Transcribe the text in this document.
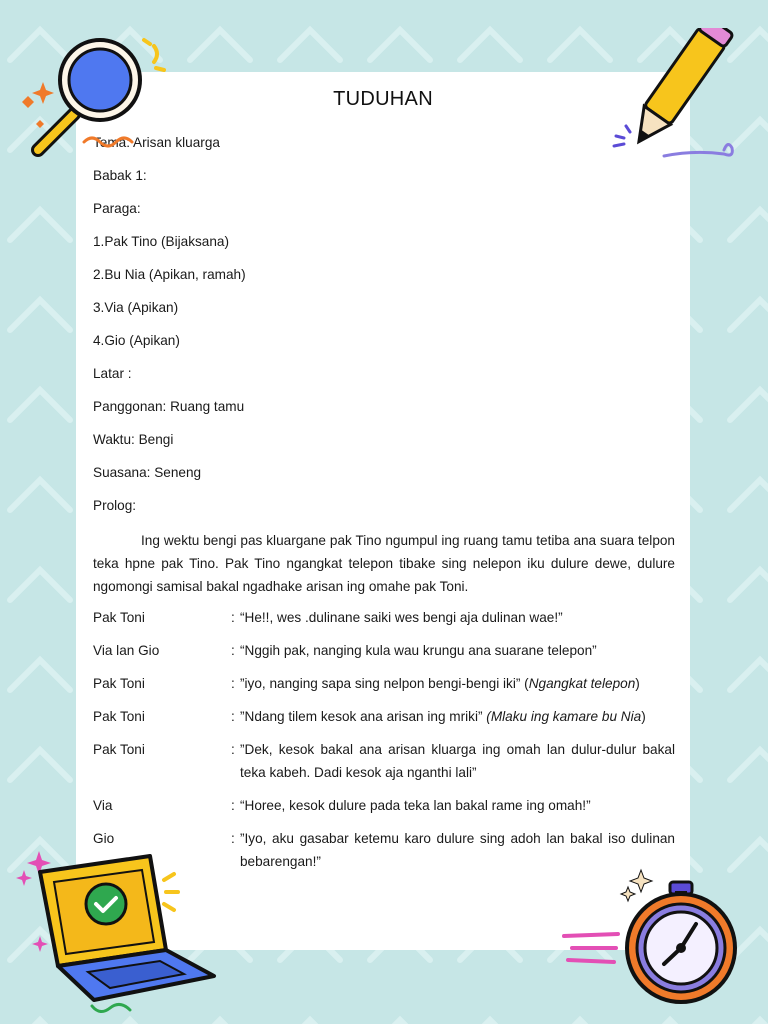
TUDUHAN
Tema: Arisan kluarga
Babak 1:
Paraga:
1.Pak Tino (Bijaksana)
2.Bu Nia (Apikan, ramah)
3.Via (Apikan)
4.Gio (Apikan)
Latar :
Panggonan: Ruang tamu
Waktu: Bengi
Suasana: Seneng
Prolog:

Ing wektu bengi pas kluargane pak Tino ngumpul ing ruang tamu tetiba ana suara telpon teka hpne pak Tino. Pak Tino ngangkat telepon tibake sing nelepon iku dulure dewe, dulure ngomongi samisal bakal ngadhake arisan ing omahe pak Toni.

Pak Toni	: “He!!, wes .dulinane saiki wes bengi aja dulinan wae!”
Via lan Gio	: “Nggih pak, nanging kula wau krungu ana suarane telepon”
Pak Toni	: ”iyo, nanging sapa sing nelpon bengi-bengi iki” (Ngangkat telepon)
Pak Toni	: ”Ndang tilem kesok ana arisan ing mriki” (Mlaku ing kamare bu Nia)
Pak Toni	: ”Dek, kesok bakal ana arisan kluarga ing omah lan dulur-dulur bakal teka kabeh. Dadi kesok aja nganthi lali”
Via	: “Horee, kesok dulure pada teka lan bakal rame ing omah!”
Gio	: ”Iyo, aku gasabar ketemu karo dulure sing adoh lan bakal iso dulinan bebarengan!”
